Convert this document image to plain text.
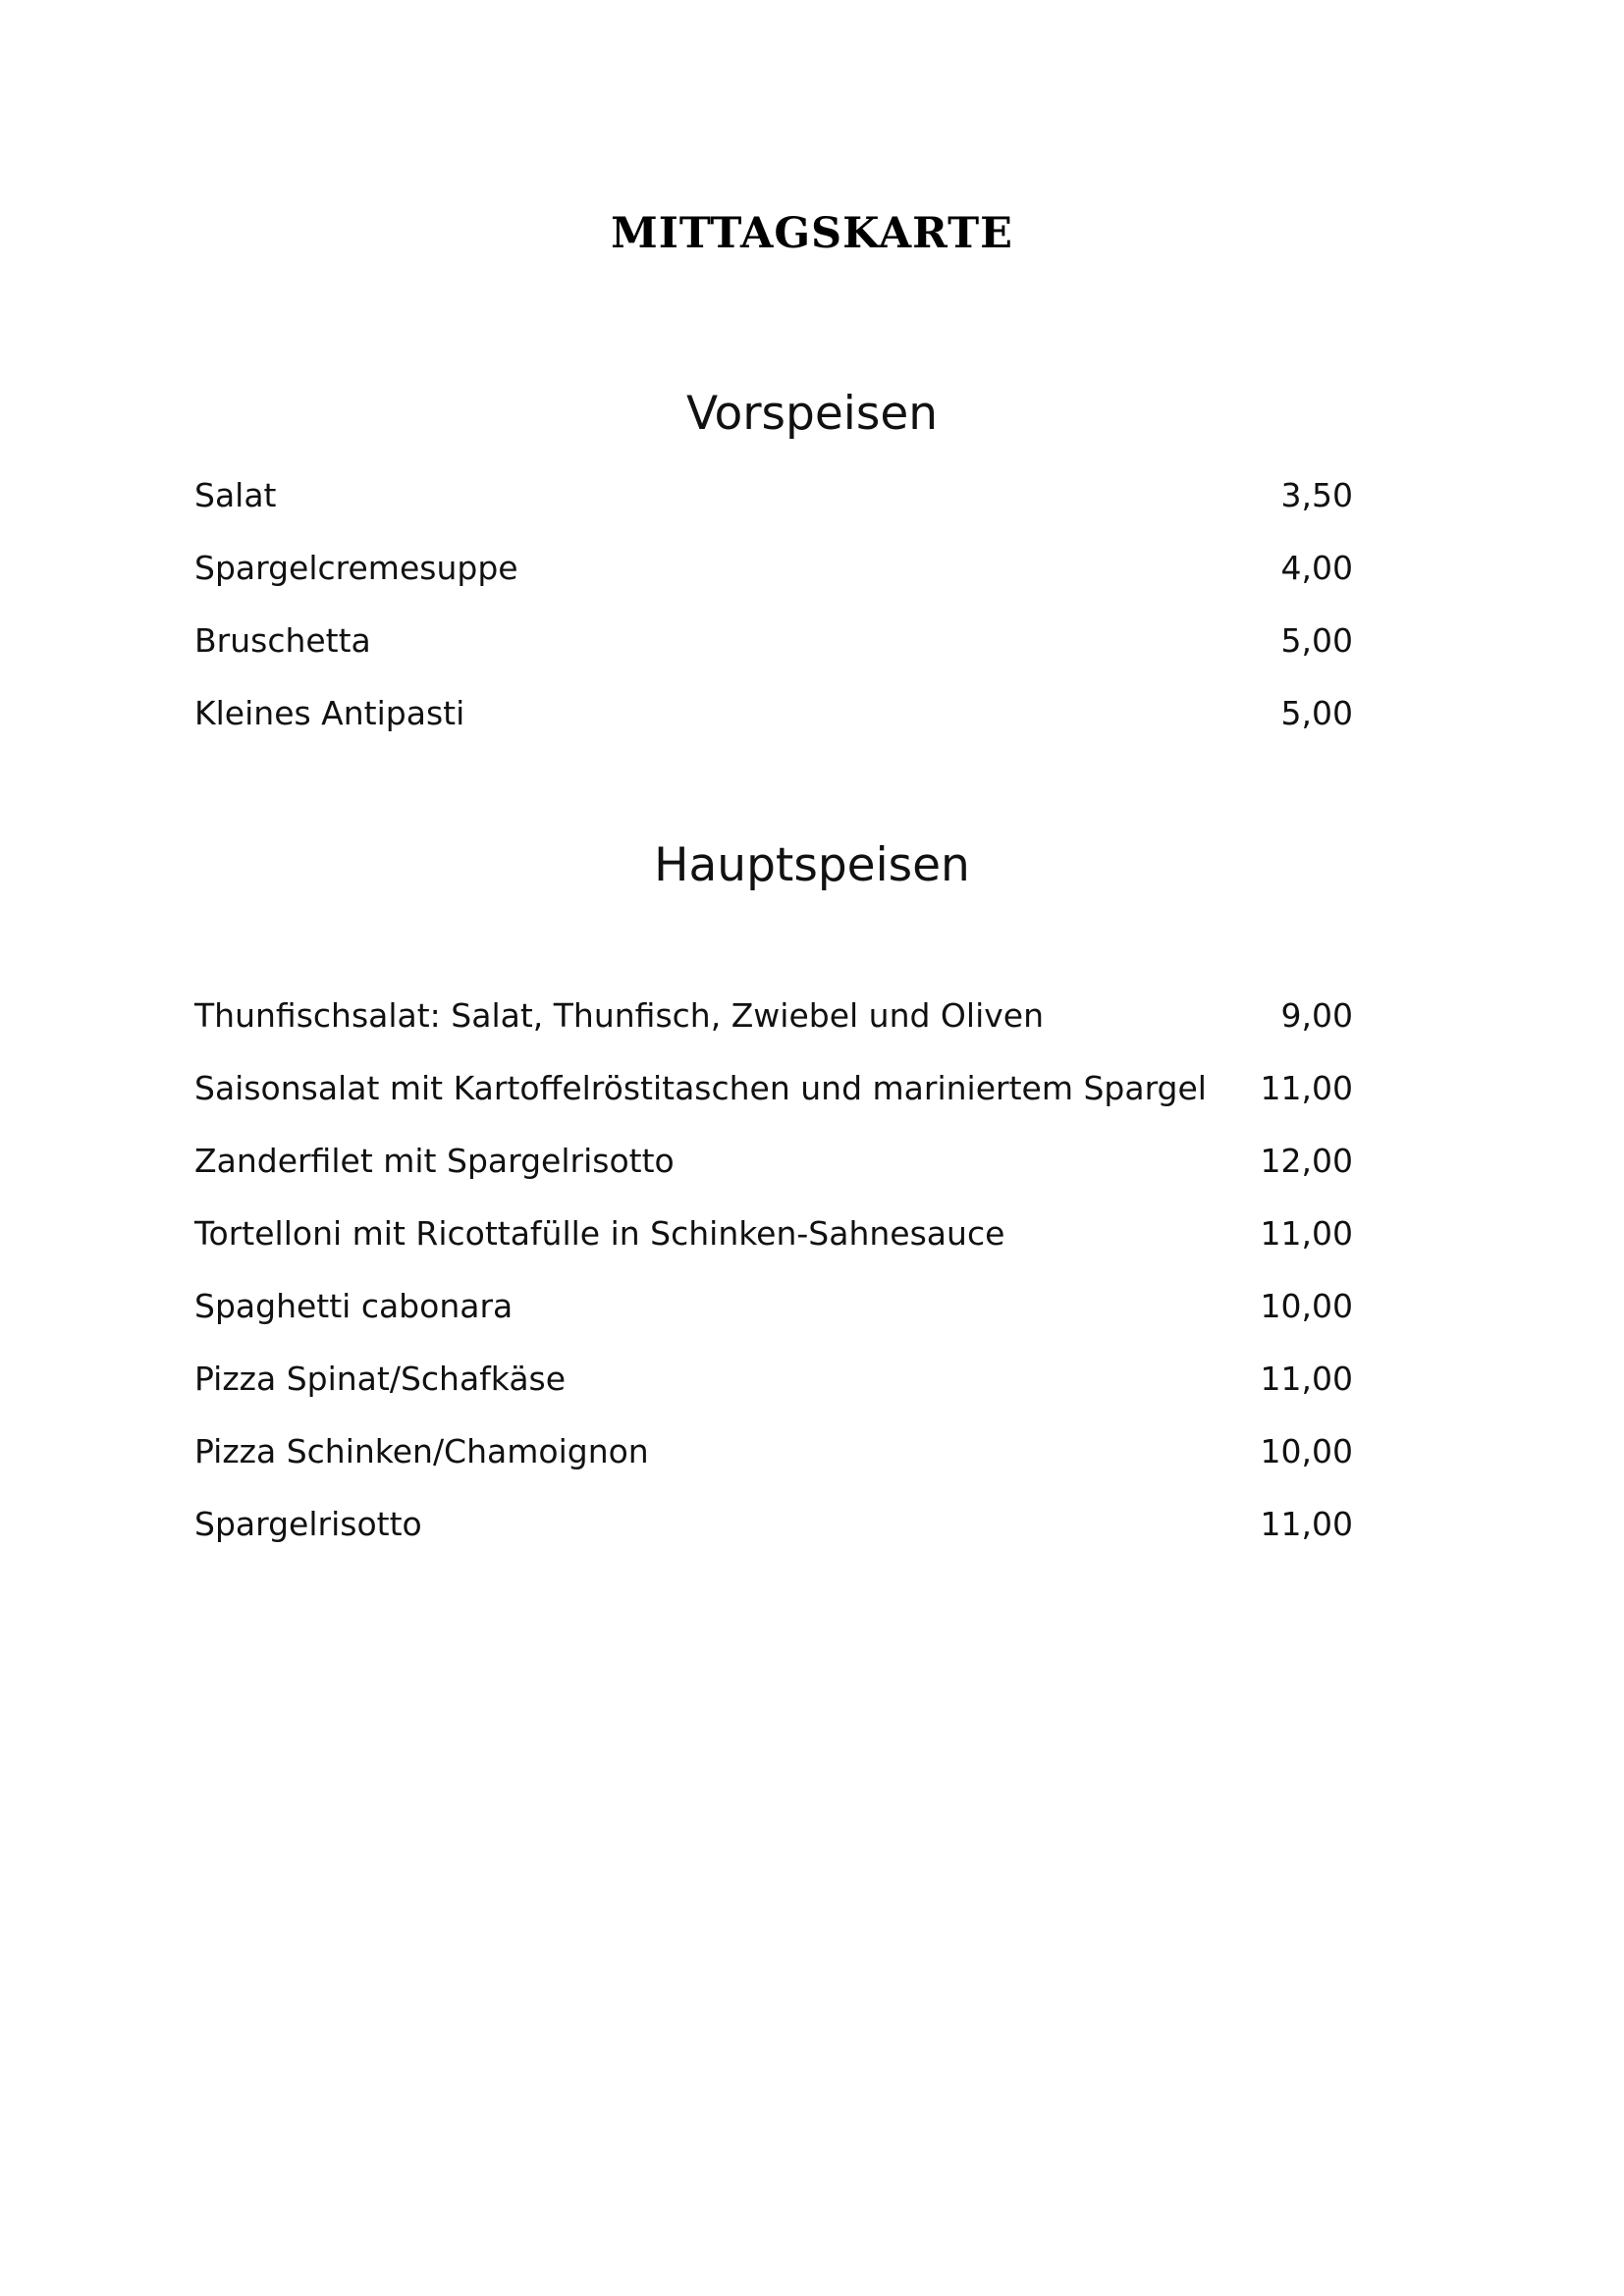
MITTAGSKARTE
Vorspeisen
Salat	3,50
Spargelcremesuppe	4,00
Bruschetta	5,00
Kleines Antipasti	5,00
Hauptspeisen
Thunfischsalat: Salat, Thunfisch, Zwiebel und Oliven	9,00
Saisonsalat mit Kartoffelröstitaschen und mariniertem Spargel 11,00
Zanderfilet mit Spargelrisotto	12,00
Tortelloni mit Ricottafülle in Schinken-Sahnesauce	11,00
Spaghetti cabonara	10,00
Pizza Spinat/Schafkäse	11,00
Pizza Schinken/Chamoignon	10,00
Spargelrisotto	11,00
